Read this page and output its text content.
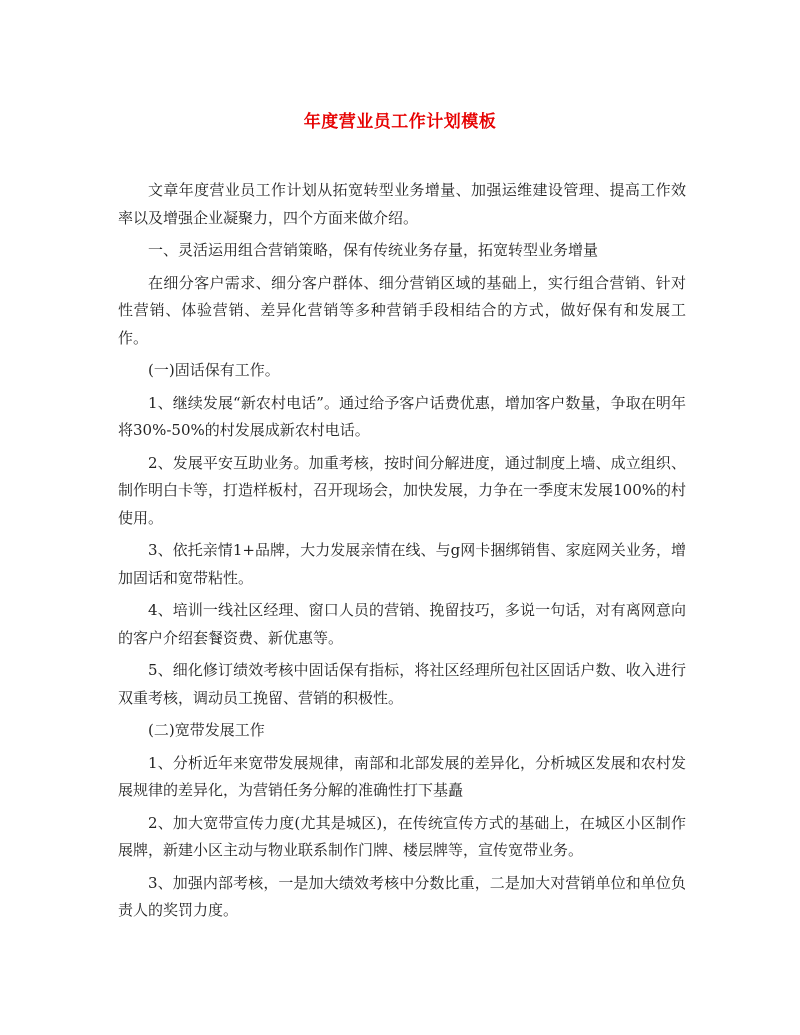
年度营业员工作计划模板

文章年度营业员工作计划从拓宽转型业务增量、加强运维建设管理、提高工作效率以及增强企业凝聚力，四个方面来做介绍。

一、灵活运用组合营销策略，保有传统业务存量，拓宽转型业务增量

在细分客户需求、细分客户群体、细分营销区域的基础上，实行组合营销、针对性营销、体验营销、差异化营销等多种营销手段相结合的方式，做好保有和发展工作。

(一)固话保有工作。

1、继续发展“新农村电话”。通过给予客户话费优惠，增加客户数量，争取在明年将30%-50%的村发展成新农村电话。

2、发展平安互助业务。加重考核，按时间分解进度，通过制度上墙、成立组织、制作明白卡等，打造样板村，召开现场会，加快发展，力争在一季度末发展100%的村使用。

3、依托亲情1+品牌，大力发展亲情在线、与g网卡捆绑销售、家庭网关业务，增加固话和宽带粘性。

4、培训一线社区经理、窗口人员的营销、挽留技巧，多说一句话，对有离网意向的客户介绍套餐资费、新优惠等。

5、细化修订绩效考核中固话保有指标，将社区经理所包社区固话户数、收入进行双重考核，调动员工挽留、营销的积极性。

(二)宽带发展工作

1、分析近年来宽带发展规律，南部和北部发展的差异化，分析城区发展和农村发展规律的差异化，为营销任务分解的准确性打下基矗

2、加大宽带宣传力度(尤其是城区)，在传统宣传方式的基础上，在城区小区制作展牌，新建小区主动与物业联系制作门牌、楼层牌等，宣传宽带业务。

3、加强内部考核，一是加大绩效考核中分数比重，二是加大对营销单位和单位负责人的奖罚力度。
